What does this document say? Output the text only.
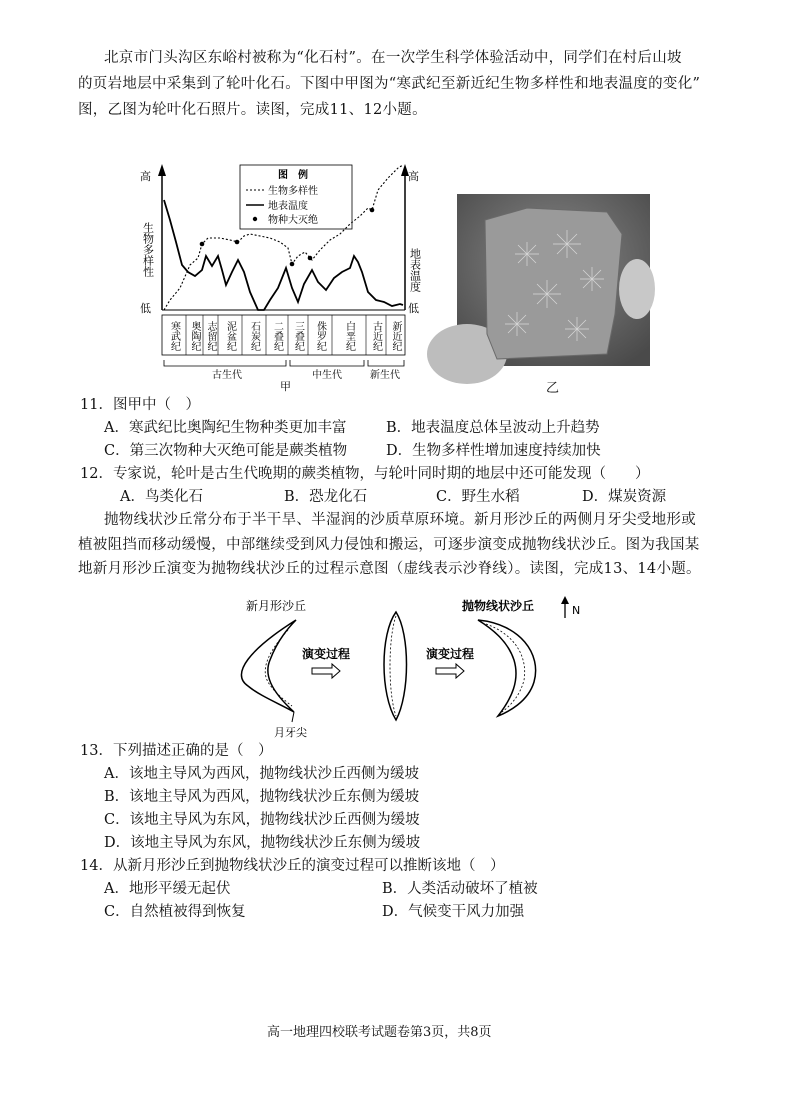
北京市门头沟区东峪村被称为“化石村”。在一次学生科学体验活动中，同学们在村后山坡
的页岩地层中采集到了轮叶化石。下图中甲图为“寒武纪至新近纪生物多样性和地表温度的变化”
图，乙图为轮叶化石照片。读图，完成11、12小题。
高
低
高
低
生物多样性	地表温度
图　例
生物多样性
地表温度
物种大灭绝
寒武纪 奥陶纪 志留纪 泥盆纪 石炭纪 二叠纪 三叠纪 侏罗纪 白垩纪 古近纪 新近纪
古生代	中生代	新生代
甲	乙
11．图甲中（　）
A．寒武纪比奥陶纪生物种类更加丰富	B．地表温度总体呈波动上升趋势
C．第三次物种大灭绝可能是蕨类植物	D．生物多样性增加速度持续加快
12．专家说，轮叶是古生代晚期的蕨类植物，与轮叶同时期的地层中还可能发现（　　）
A．鸟类化石	B．恐龙化石	C．野生水稻	D．煤炭资源
抛物线状沙丘常分布于半干旱、半湿润的沙质草原环境。新月形沙丘的两侧月牙尖受地形或
植被阻挡而移动缓慢，中部继续受到风力侵蚀和搬运，可逐步演变成抛物线状沙丘。图为我国某
地新月形沙丘演变为抛物线状沙丘的过程示意图（虚线表示沙脊线）。读图，完成13、14小题。
新月形沙丘	抛物线状沙丘	N
月牙尖
演变过程	演变过程
13．下列描述正确的是（　）
A．该地主导风为西风，抛物线状沙丘西侧为缓坡
B．该地主导风为西风，抛物线状沙丘东侧为缓坡
C．该地主导风为东风，抛物线状沙丘西侧为缓坡
D．该地主导风为东风，抛物线状沙丘东侧为缓坡
14．从新月形沙丘到抛物线状沙丘的演变过程可以推断该地（　）
A．地形平缓无起伏	B．人类活动破坏了植被
C．自然植被得到恢复	D．气候变干风力加强
高一地理四校联考试题卷第3页，共8页
